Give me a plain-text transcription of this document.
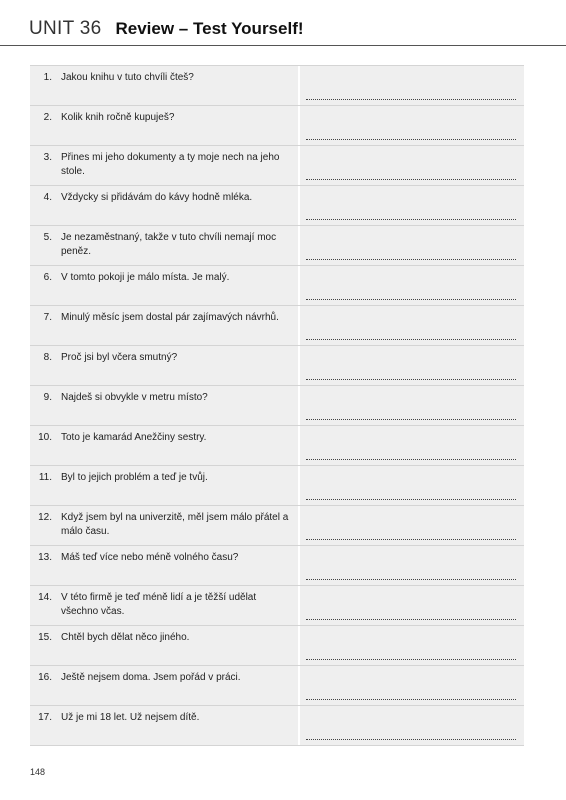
UNIT 36 Review – Test Yourself!
1. Jakou knihu v tuto chvíli čteš?
2. Kolik knih ročně kupuješ?
3. Přines mi jeho dokumenty a ty moje nech na jeho stole.
4. Vždycky si přidávám do kávy hodně mléka.
5. Je nezaměstnaný, takže v tuto chvíli nemají moc peněz.
6. V tomto pokoji je málo místa. Je malý.
7. Minulý měsíc jsem dostal pár zajímavých návrhů.
8. Proč jsi byl včera smutný?
9. Najdeš si obvykle v metru místo?
10. Toto je kamarád Anežčiny sestry.
11. Byl to jejich problém a teď je tvůj.
12. Když jsem byl na univerzitě, měl jsem málo přátel a málo času.
13. Máš teď více nebo méně volného času?
14. V této firmě je teď méně lidí a je těžší udělat všechno včas.
15. Chtěl bych dělat něco jiného.
16. Ještě nejsem doma. Jsem pořád v práci.
17. Už je mi 18 let. Už nejsem dítě.
148
